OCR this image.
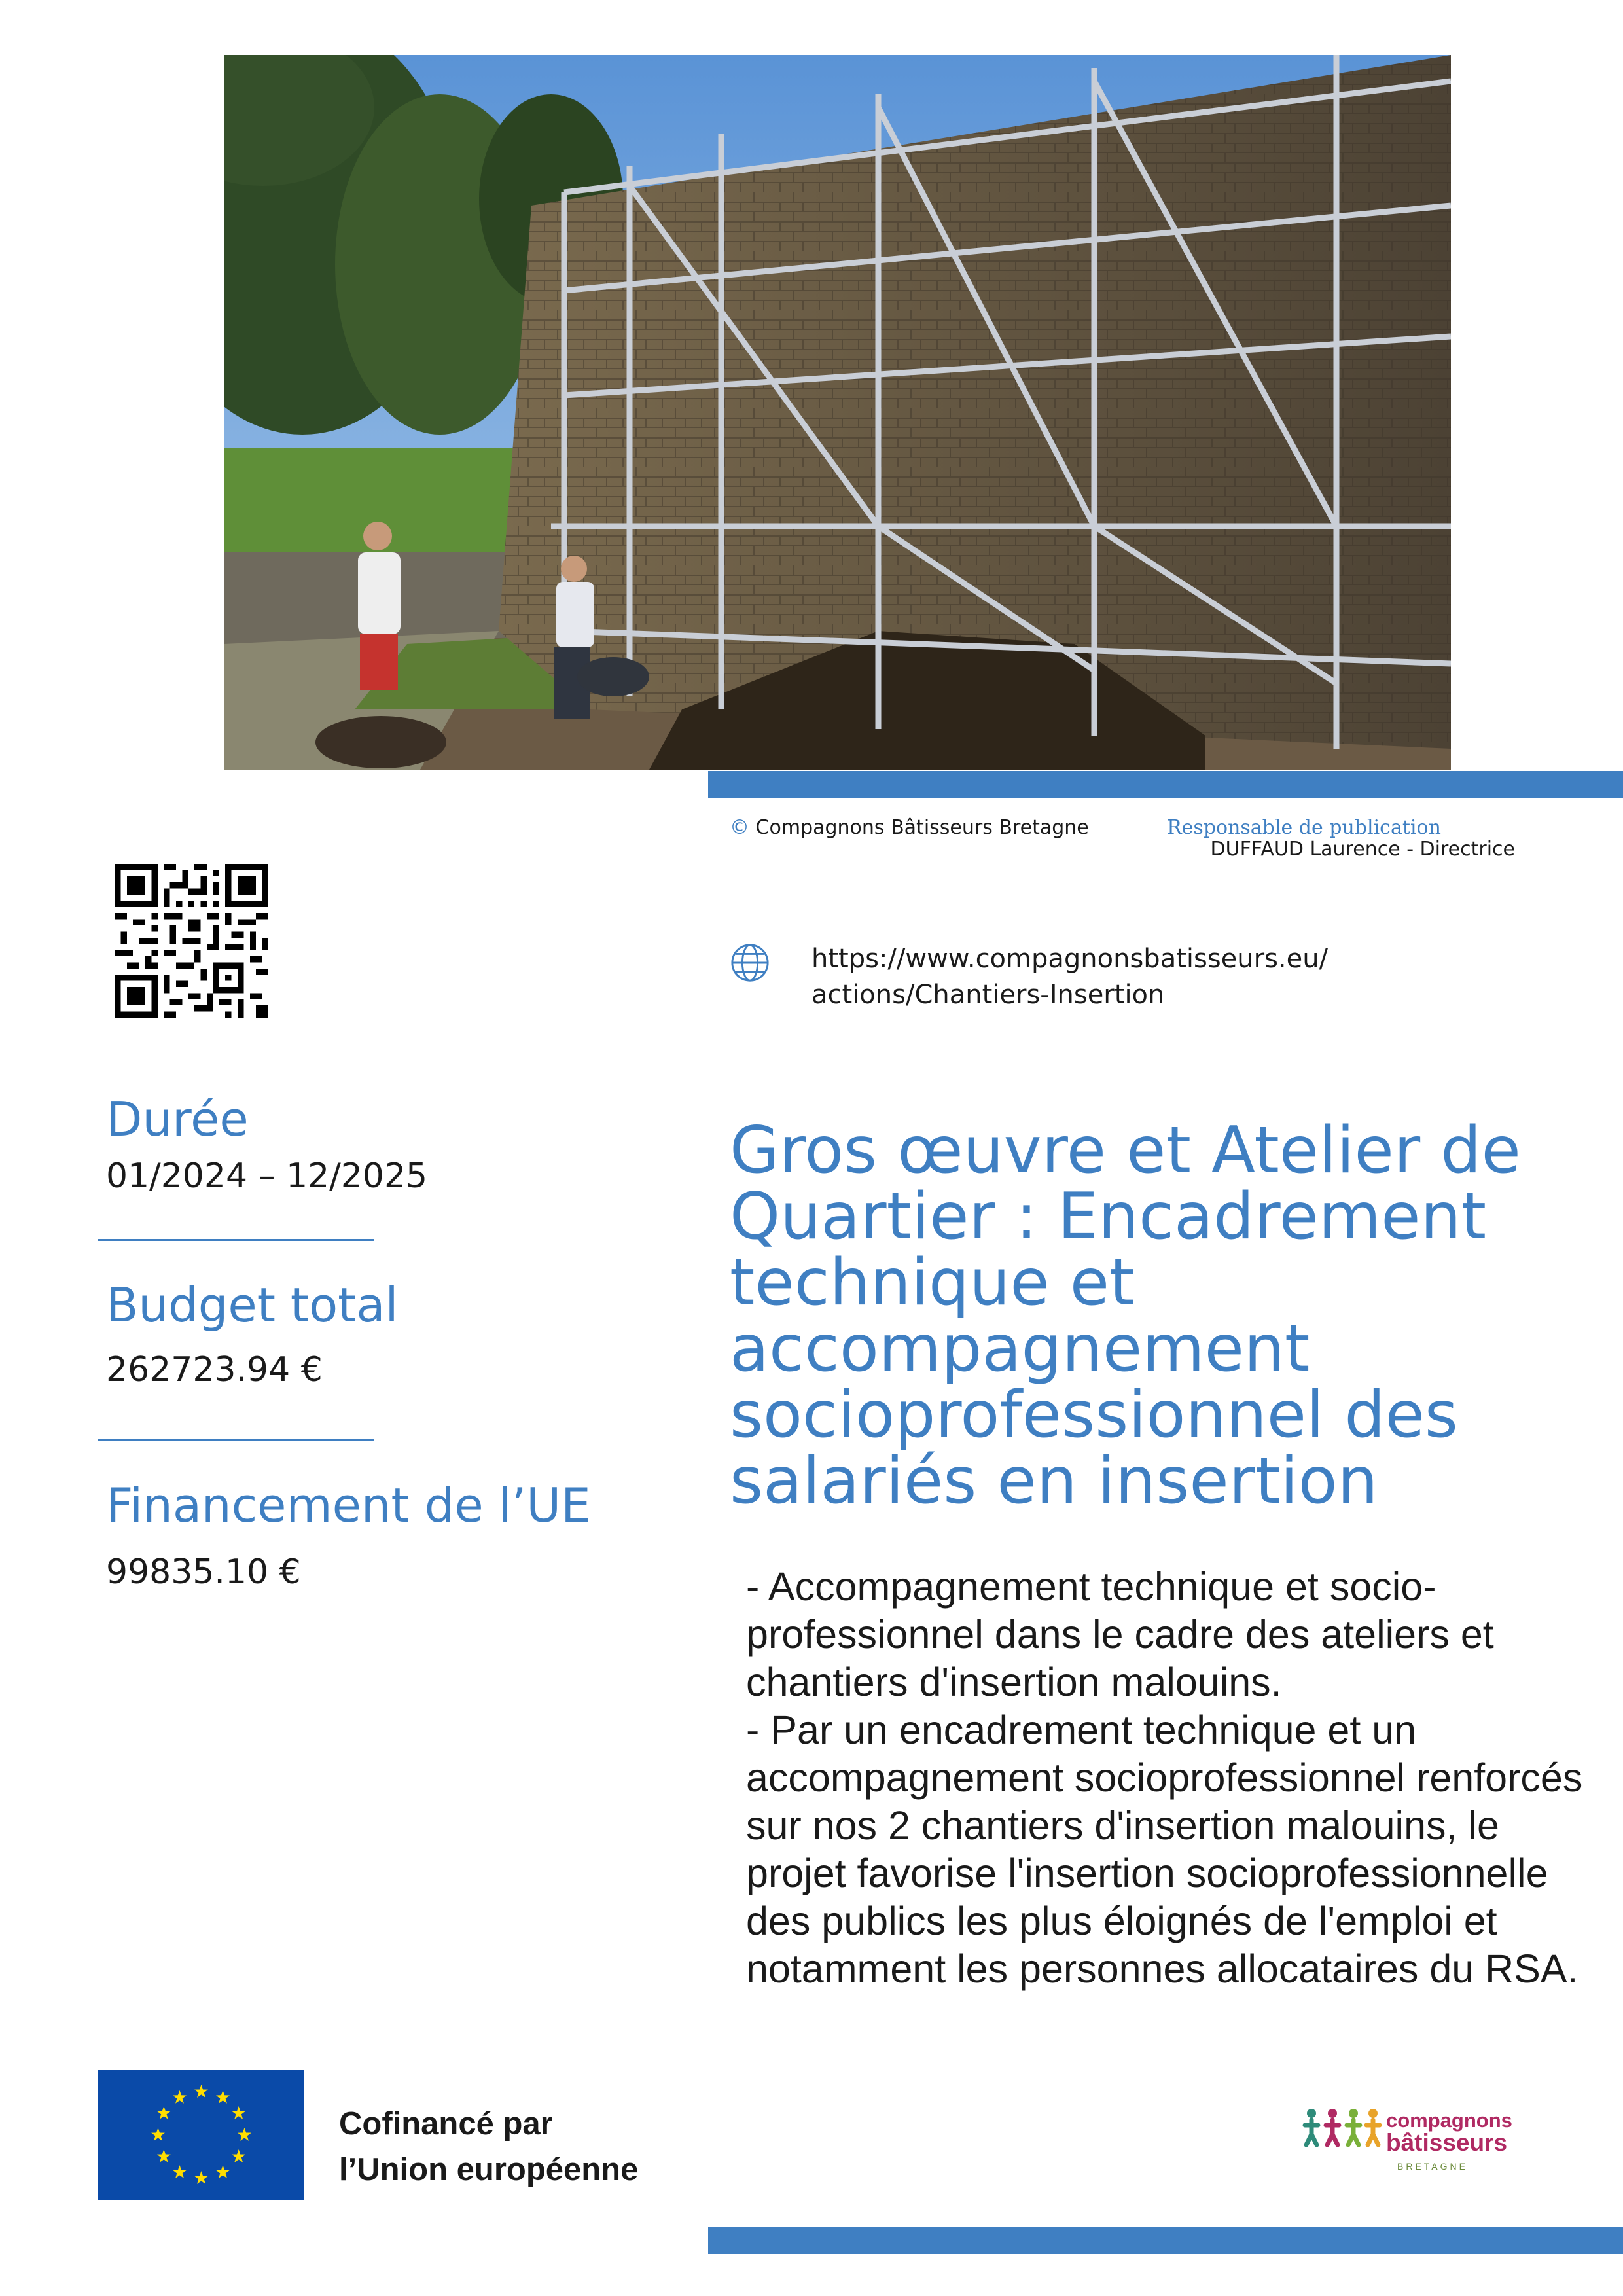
© Compagnons Bâtisseurs Bretagne	Responsable de publication
DUFFAUD Laurence - Directrice
https://www.compagnonsbatisseurs.eu/
actions/Chantiers-Insertion
Durée
01/2024 – 12/2025
Budget total
262723.94 €
Financement de l’UE
99835.10 €
Gros œuvre et Atelier de Quartier : Encadrement technique et accompagnement socioprofessionnel des salariés en insertion

- Accompagnement technique et socio-professionnel dans le cadre des ateliers et chantiers d'insertion malouins.

- Par un encadrement technique et un accompagnement socioprofessionnel renforcés sur nos 2 chantiers d'insertion malouins, le projet favorise l'insertion socioprofessionnelle des publics les plus éloignés de l'emploi et notamment les personnes allocataires du RSA.

Cofinancé par
l’Union européenne
compagnons
bâtisseurs
BRETAGNE
